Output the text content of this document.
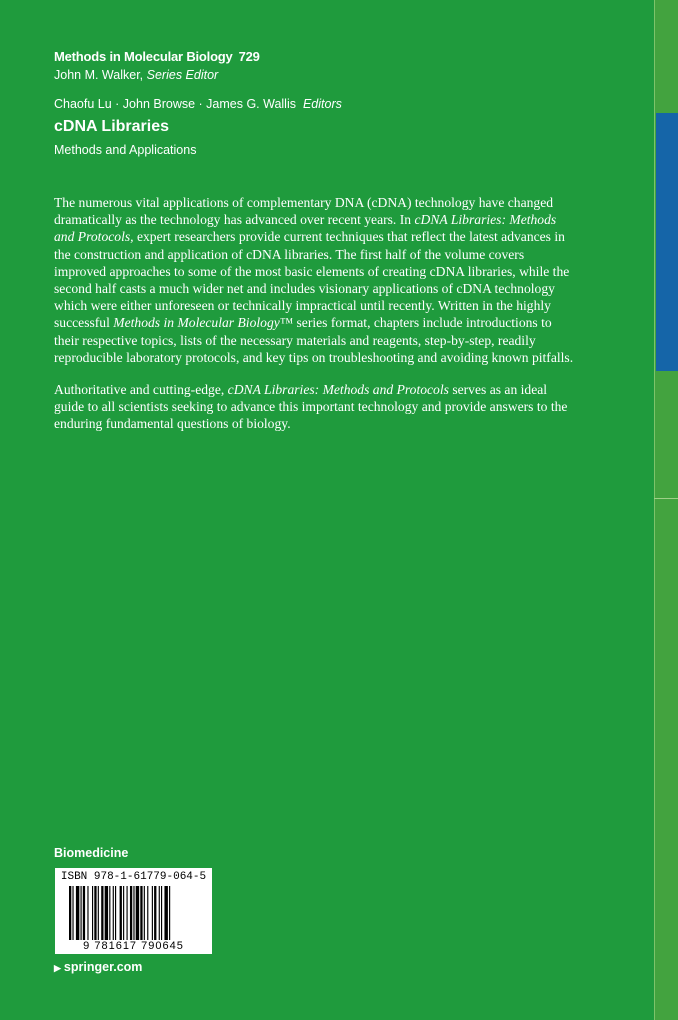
Methods in Molecular Biology 729
John M. Walker, Series Editor
Chaofu Lu · John Browse · James G. Wallis Editors
cDNA Libraries
Methods and Applications

The numerous vital applications of complementary DNA (cDNA) technology have changed dramatically as the technology has advanced over recent years. In cDNA Libraries: Methods and Protocols, expert researchers provide current techniques that reflect the latest advances in the construction and application of cDNA libraries. The first half of the volume covers improved approaches to some of the most basic elements of creating cDNA libraries, while the second half casts a much wider net and includes visionary applications of cDNA technology which were either unforeseen or technically impractical until recently. Written in the highly successful Methods in Molecular Biology™ series format, chapters include introductions to their respective topics, lists of the necessary materials and reagents, step-by-step, readily reproducible laboratory protocols, and key tips on troubleshooting and avoiding known pitfalls.

Authoritative and cutting-edge, cDNA Libraries: Methods and Protocols serves as an ideal guide to all scientists seeking to advance this important technology and provide answers to the enduring fundamental questions of biology.

Biomedicine
ISBN 978-1-61779-064-5
9 781617 790645
▶ springer.com
